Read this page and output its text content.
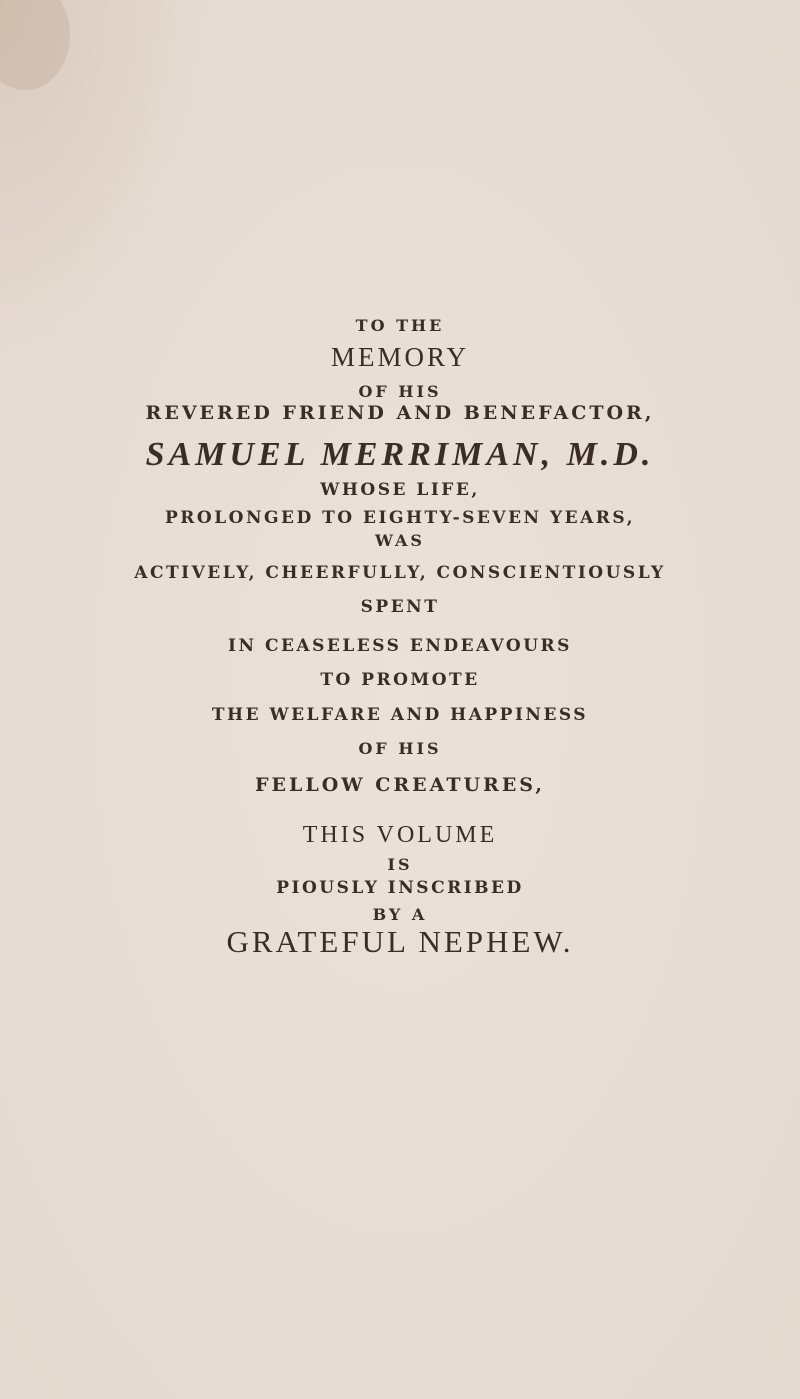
TO THE
MEMORY
OF HIS
REVERED FRIEND AND BENEFACTOR,
SAMUEL MERRIMAN, M.D.
WHOSE LIFE,
PROLONGED TO EIGHTY-SEVEN YEARS,
WAS
ACTIVELY, CHEERFULLY, CONSCIENTIOUSLY
SPENT
IN CEASELESS ENDEAVOURS
TO PROMOTE
THE WELFARE AND HAPPINESS
OF HIS
FELLOW CREATURES,
THIS VOLUME
IS
PIOUSLY INSCRIBED
BY A
GRATEFUL NEPHEW.
